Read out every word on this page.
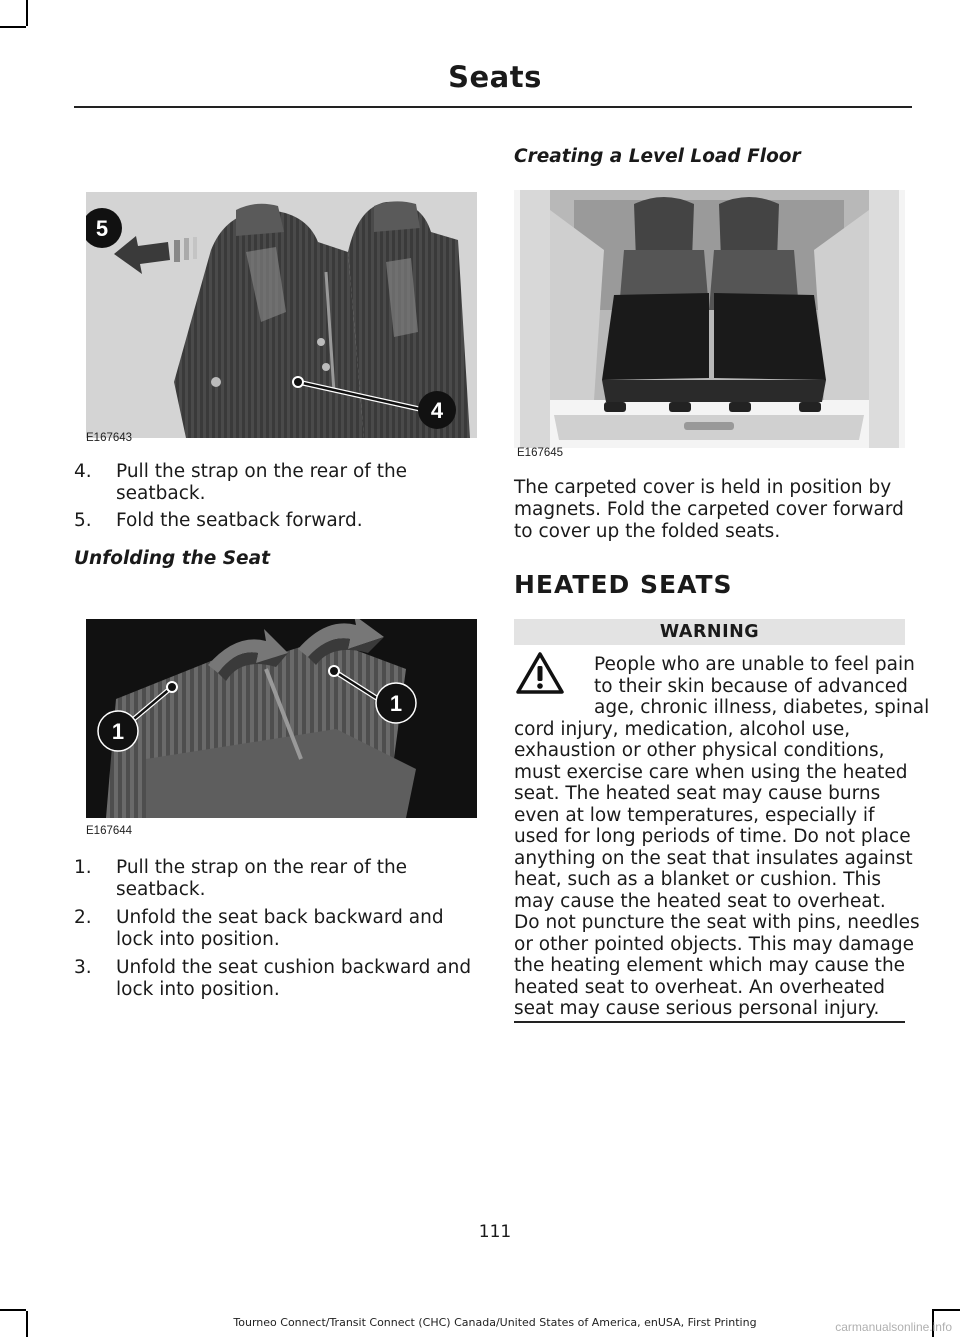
Seats
5
4
E167643
E167645
1
1
E167644
4. Pull the strap on the rear of the
seatback.
5. Fold the seatback forward.
Unfolding the Seat
1. Pull the strap on the rear of the
seatback.
2. Unfold the seat back backward and
lock into position.
3. Unfold the seat cushion backward and
lock into position.
Creating a Level Load Floor
The carpeted cover is held in position by
magnets. Fold the carpeted cover forward
to cover up the folded seats.
HEATED SEATS
WARNING
People who are unable to feel pain
to their skin because of advanced
age, chronic illness, diabetes, spinal
cord injury, medication, alcohol use,
exhaustion or other physical conditions,
must exercise care when using the heated
seat. The heated seat may cause burns
even at low temperatures, especially if
used for long periods of time. Do not place
anything on the seat that insulates against
heat, such as a blanket or cushion. This
may cause the heated seat to overheat.
Do not puncture the seat with pins, needles
or other pointed objects. This may damage
the heating element which may cause the
heated seat to overheat. An overheated
seat may cause serious personal injury.
111
Tourneo Connect/Transit Connect (CHC) Canada/United States of America, enUSA, First Printing	carmanualsonline.info
